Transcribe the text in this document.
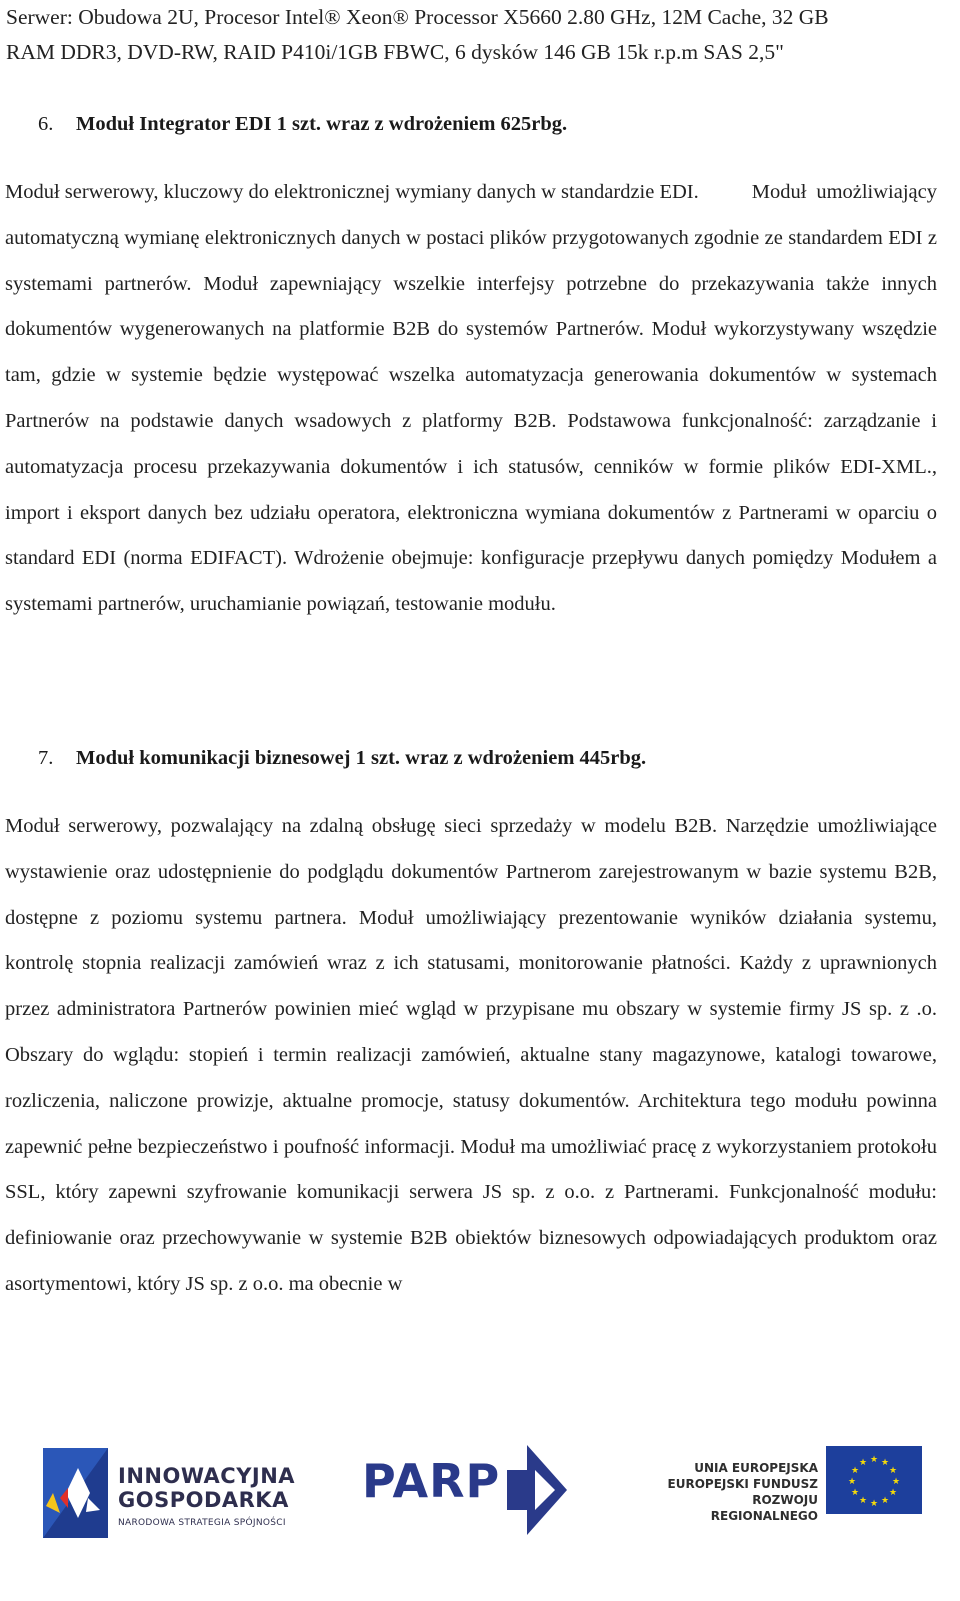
Serwer: Obudowa 2U, Procesor Intel® Xeon® Processor X5660 2.80 GHz, 12M Cache, 32 GB
RAM DDR3, DVD-RW, RAID P410i/1GB FBWC, 6 dysków 146 GB 15k r.p.m SAS 2,5"
6. Moduł Integrator EDI 1 szt. wraz z wdrożeniem 625rbg.
Moduł serwerowy, kluczowy do elektronicznej wymiany danych w standardzie EDI.	Moduł umożliwiający automatyczną wymianę elektronicznych danych w postaci plików przygotowanych zgodnie ze standardem EDI z systemami partnerów. Moduł zapewniający wszelkie interfejsy potrzebne do przekazywania także innych dokumentów wygenerowanych na platformie B2B do systemów Partnerów. Moduł wykorzystywany wszędzie tam, gdzie w systemie będzie występować wszelka automatyzacja generowania dokumentów w systemach Partnerów na podstawie danych wsadowych z platformy B2B. Podstawowa funkcjonalność: zarządzanie i automatyzacja procesu przekazywania dokumentów i ich statusów, cenników w formie plików EDI-XML., import i eksport danych bez udziału operatora, elektroniczna wymiana dokumentów z Partnerami w oparciu o standard EDI (norma EDIFACT). Wdrożenie obejmuje: konfiguracje przepływu danych pomiędzy Modułem a systemami partnerów, uruchamianie powiązań, testowanie modułu.
7. Moduł komunikacji biznesowej 1 szt. wraz z wdrożeniem 445rbg.
Moduł serwerowy, pozwalający na zdalną obsługę sieci sprzedaży w modelu B2B. Narzędzie umożliwiające wystawienie oraz udostępnienie do podglądu dokumentów Partnerom zarejestrowanym w bazie systemu B2B, dostępne z poziomu systemu partnera. Moduł umożliwiający prezentowanie wyników działania systemu, kontrolę stopnia realizacji zamówień wraz z ich statusami, monitorowanie płatności. Każdy z uprawnionych przez administratora Partnerów powinien mieć wgląd w przypisane mu obszary w systemie firmy JS sp. z .o. Obszary do wglądu: stopień i termin realizacji zamówień, aktualne stany magazynowe, katalogi towarowe, rozliczenia, naliczone prowizje, aktualne promocje, statusy dokumentów. Architektura tego modułu powinna zapewnić pełne bezpieczeństwo i poufność informacji. Moduł ma umożliwiać pracę z wykorzystaniem protokołu SSL, który zapewni szyfrowanie komunikacji serwera JS sp. z o.o. z Partnerami. Funkcjonalność modułu: definiowanie oraz przechowywanie w systemie B2B obiektów biznesowych odpowiadających produktom oraz asortymentowi, który JS sp. z o.o. ma obecnie w
INNOWACYJNA
GOSPODARKA
NARODOWA STRATEGIA SPÓJNOŚCI
PARP	UNIA EUROPEJSKA
EUROPEJSKI FUNDUSZ
ROZWOJU REGIONALNEGO
★ ★
★
★
★
★
★
★
★
★
★
★
